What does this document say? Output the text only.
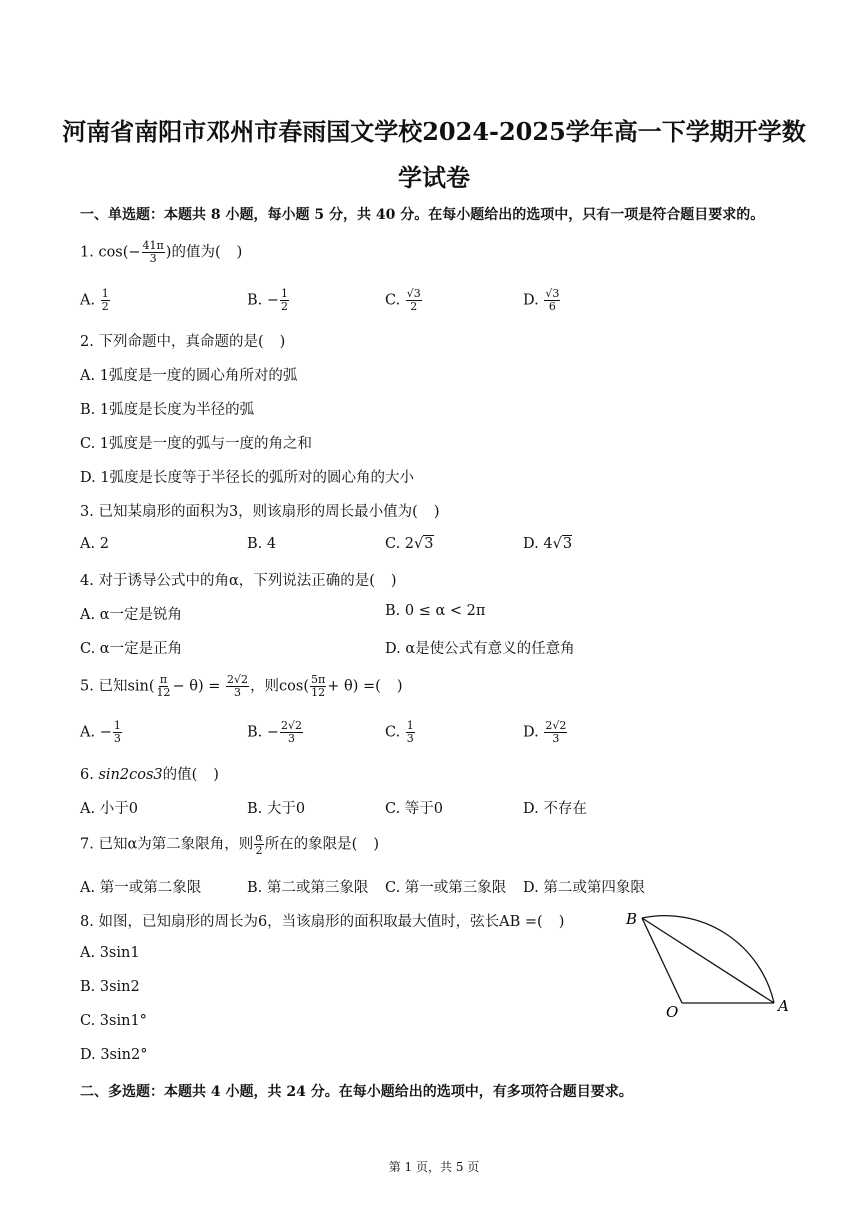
河南省南阳市邓州市春雨国文学校2024-2025学年高一下学期开学数
学试卷
一、单选题：本题共 8 小题，每小题 5 分，共 40 分。在每小题给出的选项中，只有一项是符合题目要求的。
1. $\cos(- \frac{41\pi}{3}$ )的值为( )
A. $\frac{1}{2}$	B. − $\frac{1}{2}$	C. $\frac{√3}{2}$	D. $\frac{√3}{6}$
2. 下列命题中，真命题的是( )
A. 1弧度是一度的圆心角所对的弧
B. 1弧度是长度为半径的弧
C. 1弧度是一度的弧与一度的角之和
D. 1弧度是长度等于半径长的弧所对的圆心角的大小
3. 已知某扇形的面积为3，则该扇形的周长最小值为( )
A. 2	B. 4	C. 2√3	D. 4√3
4. 对于诱导公式中的角α，下列说法正确的是( )
A. α一定是锐角	B. 0 ≤ α < 2π
C. α一定是正角	D. α是使公式有意义的任意角
5. 已知$\sin( \frac{\pi}{12} - \theta) = \frac{2√2}{3}$ ，则$\cos( \frac{5\pi}{12} + \theta)$ =( )
A. − $\frac{1}{3}$	B. − $\frac{2√2}{3}$	C. $\frac{1}{3}$	D. $\frac{2√2}{3}$
6. sin2cos3的值( )
A. 小于0	B. 大于0	C. 等于0	D. 不存在
7. 已知α为第二象限角，则 $\frac{\alpha}{2}$ 所在的象限是( )
A. 第一或第二象限	B. 第二或第三象限 C. 第一或第三象限 D. 第二或第四象限
8. 如图，已知扇形的周长为6，当该扇形的面积取最大值时，弦长AB =( )
A. 3sin1
B. 3sin2
C. 3sin1°
D. 3sin2°
B
O	A
二、多选题：本题共 4 小题，共 24 分。在每小题给出的选项中，有多项符合题目要求。
第 1 页，共 5 页
